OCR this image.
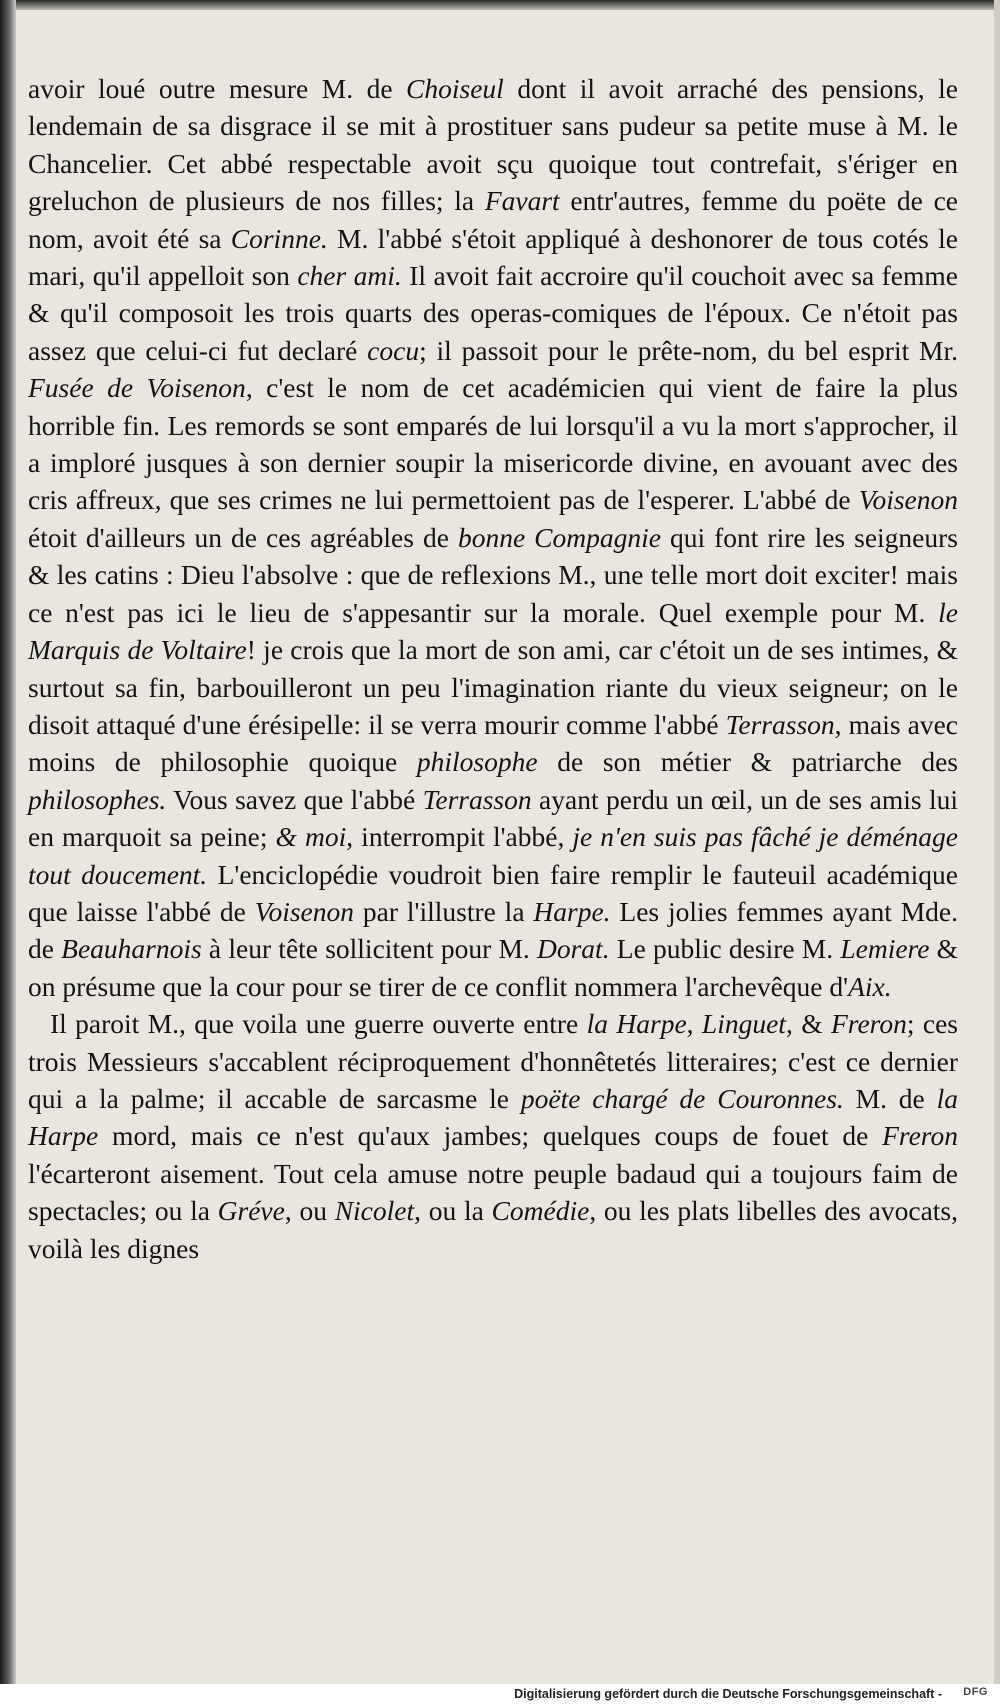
avoir loué outre mesure M. de Choiseul dont il avoit arraché des pensions, le lendemain de sa disgrace il se mit à prostituer sans pudeur sa petite muse à M. le Chancelier. Cet abbé respectable avoit sçu quoique tout contrefait, s'ériger en greluchon de plusieurs de nos filles; la Favart entr'autres, femme du poëte de ce nom, avoit été sa Corinne. M. l'abbé s'étoit appliqué à deshonorer de tous cotés le mari, qu'il appelloit son cher ami. Il avoit fait accroire qu'il couchoit avec sa femme & qu'il composoit les trois quarts des operas-comiques de l'époux. Ce n'étoit pas assez que celui-ci fut declaré cocu; il passoit pour le prête-nom, du bel esprit Mr. Fusée de Voisenon, c'est le nom de cet académicien qui vient de faire la plus horrible fin. Les remords se sont emparés de lui lorsqu'il a vu la mort s'approcher, il a imploré jusques à son dernier soupir la misericorde divine, en avouant avec des cris affreux, que ses crimes ne lui permettoient pas de l'esperer. L'abbé de Voisenon étoit d'ailleurs un de ces agréables de bonne Compagnie qui font rire les seigneurs & les catins : Dieu l'absolve : que de reflexions M., une telle mort doit exciter! mais ce n'est pas ici le lieu de s'appesantir sur la morale. Quel exemple pour M. le Marquis de Voltaire! je crois que la mort de son ami, car c'étoit un de ses intimes, & surtout sa fin, barbouilleront un peu l'imagination riante du vieux seigneur; on le disoit attaqué d'une érésipelle: il se verra mourir comme l'abbé Terrasson, mais avec moins de philosophie quoique philosophe de son métier & patriarche des philosophes. Vous savez que l'abbé Terrasson ayant perdu un œil, un de ses amis lui en marquoit sa peine; & moi, interrompit l'abbé, je n'en suis pas fâché je déménage tout doucement. L'enciclopédie voudroit bien faire remplir le fauteuil académique que laisse l'abbé de Voisenon par l'illustre la Harpe. Les jolies femmes ayant Mde. de Beauharnois à leur tête sollicitent pour M. Dorat. Le public desire M. Lemiere & on présume que la cour pour se tirer de ce conflit nommera l'archevêque d'Aix.

Il paroit M., que voila une guerre ouverte entre la Harpe, Linguet, & Freron; ces trois Messieurs s'accablent réciproquement d'honnêtetés litteraires; c'est ce dernier qui a la palme; il accable de sarcasme le poëte chargé de Couronnes. M. de la Harpe mord, mais ce n'est qu'aux jambes; quelques coups de fouet de Freron l'écarteront aisement. Tout cela amuse notre peuple badaud qui a toujours faim de spectacles; ou la Gréve, ou Nicolet, ou la Comédie, ou les plats libelles des avocats, voilà les dignes

Digitalisierung gefördert durch die Deutsche Forschungsgemeinschaft - DFG
